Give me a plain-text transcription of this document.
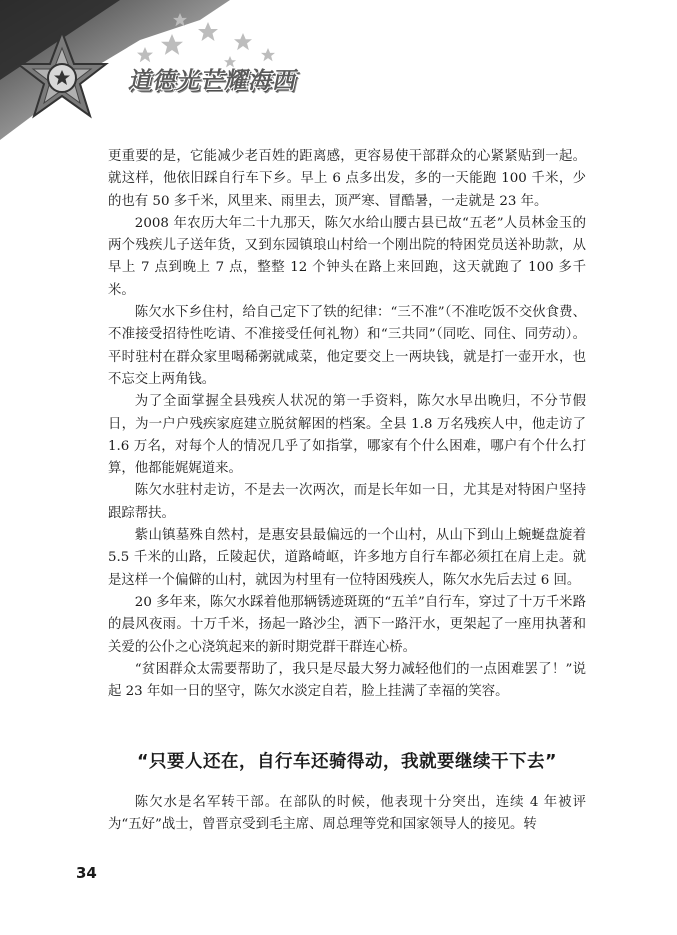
道德光芒耀海西

更重要的是，它能减少老百姓的距离感，更容易使干部群众的心紧紧贴到一起。就这样，他依旧踩自行车下乡。早上 6 点多出发，多的一天能跑 100 千米，少的也有 50 多千米，风里来、雨里去，顶严寒、冒酷暑，一走就是 23 年。

2008 年农历大年二十九那天，陈欠水给山腰古县已故“五老”人员林金玉的两个残疾儿子送年货，又到东园镇琅山村给一个刚出院的特困党员送补助款，从早上 7 点到晚上 7 点，整整 12 个钟头在路上来回跑，这天就跑了 100 多千米。

陈欠水下乡住村，给自己定下了铁的纪律：“三不准”（不准吃饭不交伙食费、不准接受招待性吃请、不准接受任何礼物）和“三共同”（同吃、同住、同劳动）。平时驻村在群众家里喝稀粥就咸菜，他定要交上一两块钱，就是打一壶开水，也不忘交上两角钱。

为了全面掌握全县残疾人状况的第一手资料，陈欠水早出晚归，不分节假日，为一户户残疾家庭建立脱贫解困的档案。全县 1.8 万名残疾人中，他走访了 1.6 万名，对每个人的情况几乎了如指掌，哪家有个什么困难，哪户有个什么打算，他都能娓娓道来。

陈欠水驻村走访，不是去一次两次，而是长年如一日，尤其是对特困户坚持跟踪帮扶。

紫山镇墓殊自然村，是惠安县最偏远的一个山村，从山下到山上蜿蜒盘旋着 5.5 千米的山路，丘陵起伏，道路崎岖，许多地方自行车都必须扛在肩上走。就是这样一个偏僻的山村，就因为村里有一位特困残疾人，陈欠水先后去过 6 回。

20 多年来，陈欠水踩着他那辆锈迹斑斑的“五羊”自行车，穿过了十万千米路的晨风夜雨。十万千米，扬起一路沙尘，洒下一路汗水，更架起了一座用执著和关爱的公仆之心浇筑起来的新时期党群干群连心桥。

“贫困群众太需要帮助了，我只是尽最大努力减轻他们的一点困难罢了！”说起 23 年如一日的坚守，陈欠水淡定自若，脸上挂满了幸福的笑容。

“只要人还在，自行车还骑得动，我就要继续干下去”

陈欠水是名军转干部。在部队的时候，他表现十分突出，连续 4 年被评为“五好”战士，曾晋京受到毛主席、周总理等党和国家领导人的接见。转

34
